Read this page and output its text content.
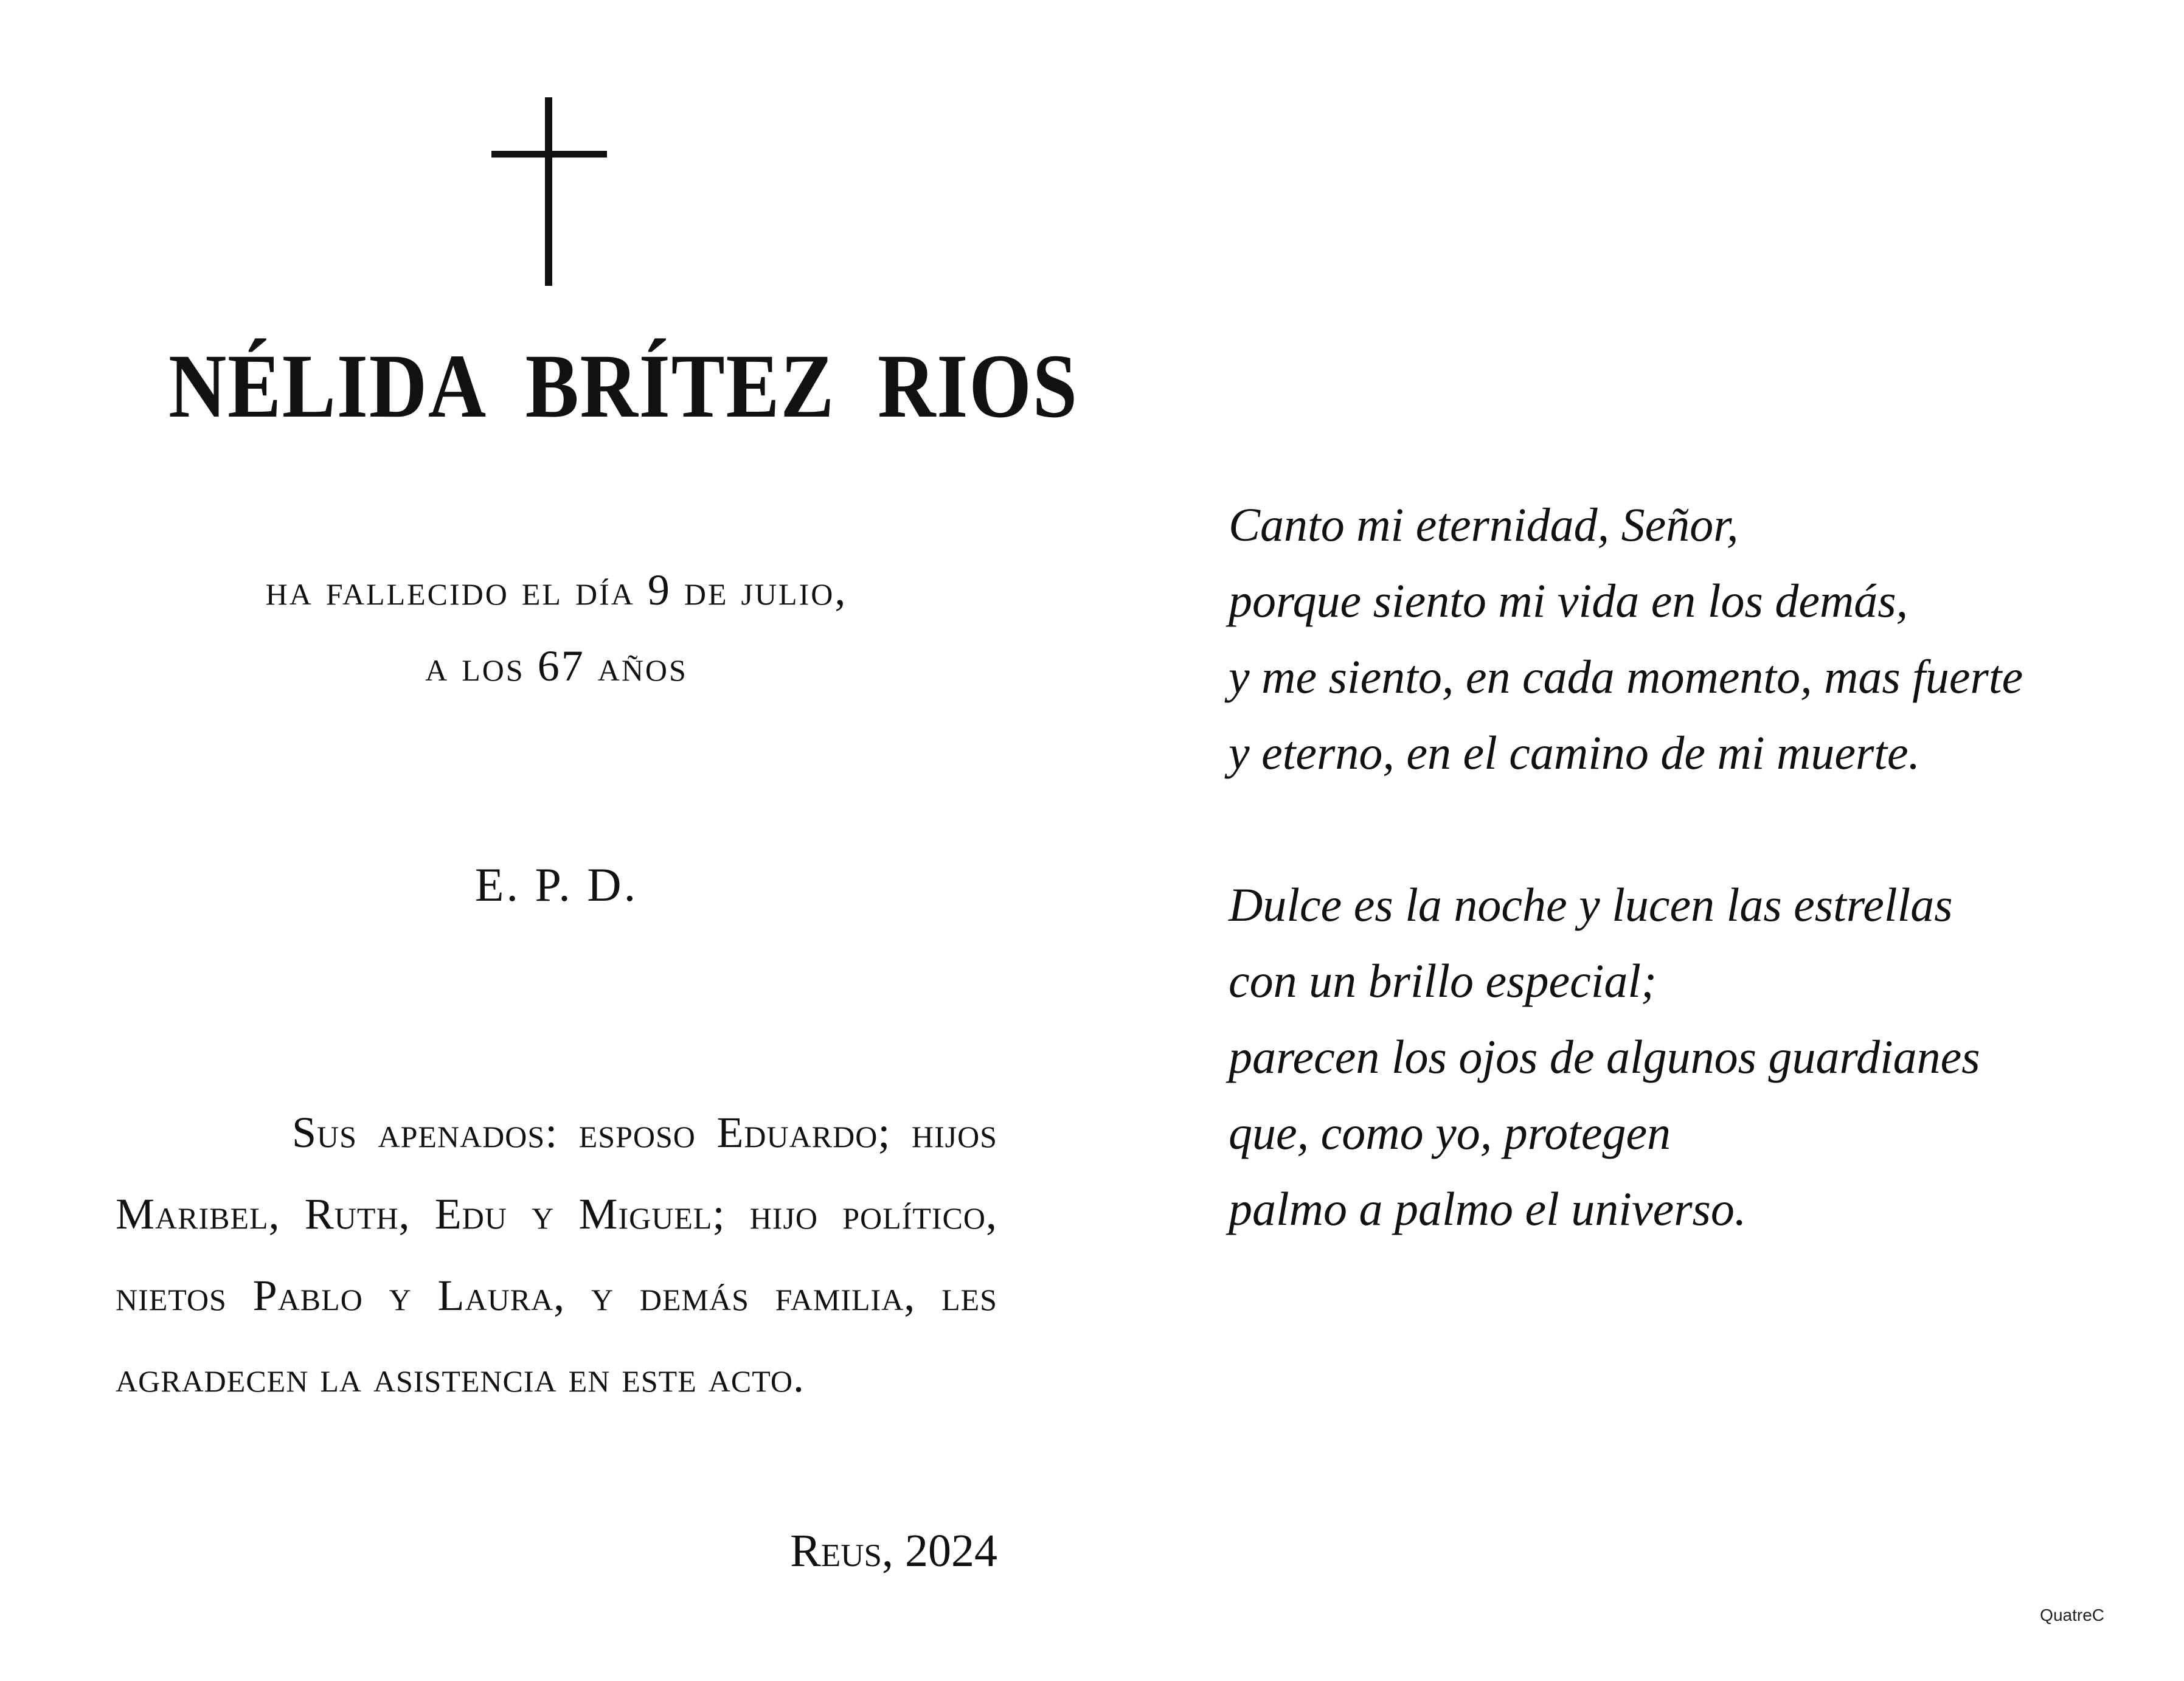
NÉLIDA BRÍTEZ RIOS
ha fallecido el día 9 de julio,
a los 67 años
E. P. D.
Sus apenados: esposo Eduardo; hijos Maribel, Ruth, Edu y Miguel; hijo político, nietos Pablo y Laura, y demás familia, les agradecen la asistencia en este acto.
Reus, 2024

Canto mi eternidad, Señor,
porque siento mi vida en los demás,
y me siento, en cada momento, mas fuerte
y eterno, en el camino de mi muerte.

Dulce es la noche y lucen las estrellas
con un brillo especial;
parecen los ojos de algunos guardianes
que, como yo, protegen
palmo a palmo el universo.

QuatreC
